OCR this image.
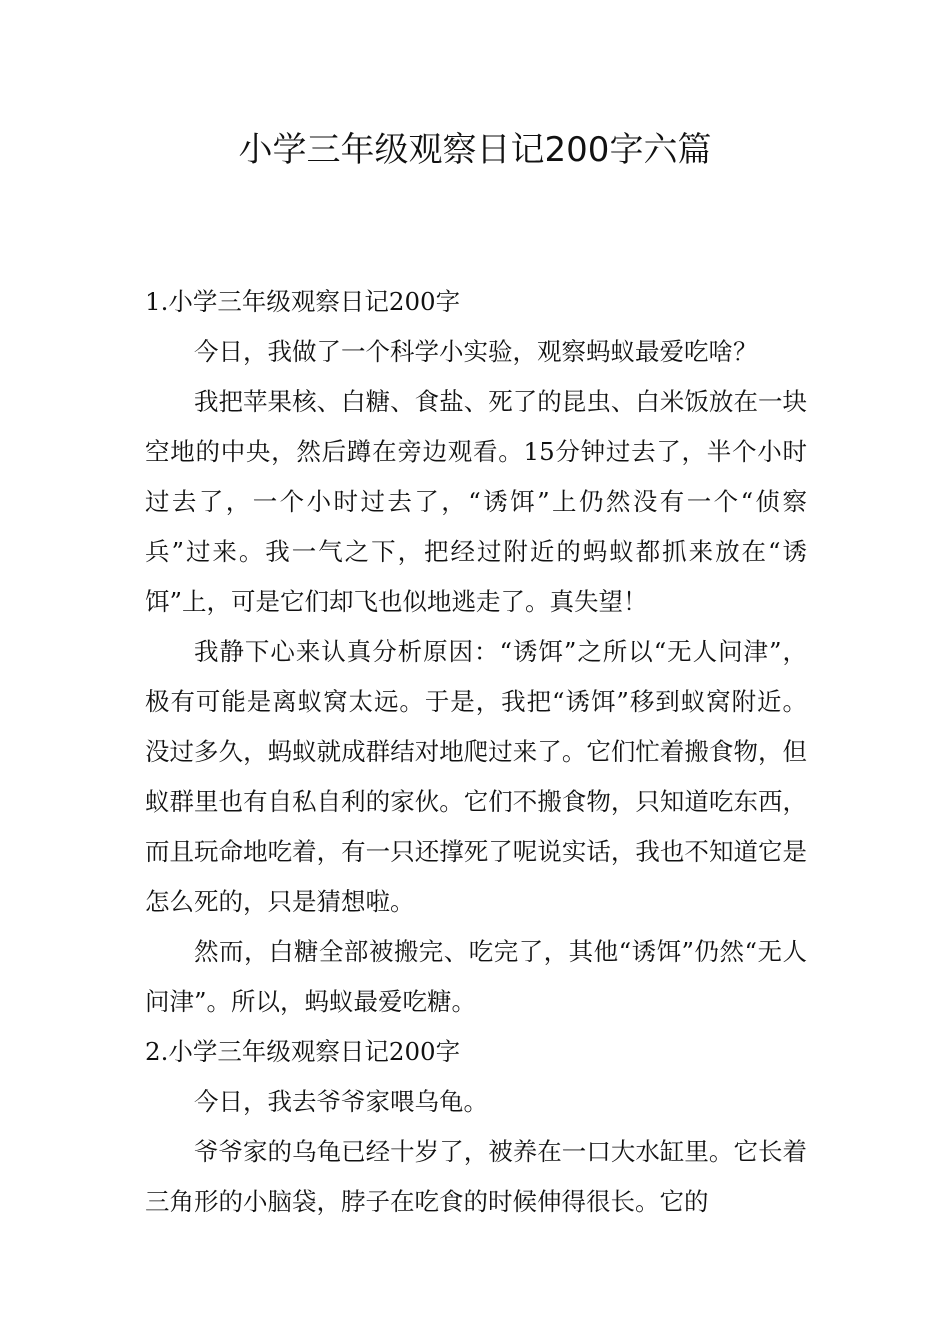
小学三年级观察日记200字六篇
1.小学三年级观察日记200字

今日，我做了一个科学小实验，观察蚂蚁最爱吃啥？

我把苹果核、白糖、食盐、死了的昆虫、白米饭放在一块空地的中央，然后蹲在旁边观看。15分钟过去了，半个小时过去了，一个小时过去了，“诱饵”上仍然没有一个“侦察兵”过来。我一气之下，把经过附近的蚂蚁都抓来放在“诱饵”上，可是它们却飞也似地逃走了。真失望！

我静下心来认真分析原因：“诱饵”之所以“无人问津”，极有可能是离蚁窝太远。于是，我把“诱饵”移到蚁窝附近。没过多久，蚂蚁就成群结对地爬过来了。它们忙着搬食物，但蚁群里也有自私自利的家伙。它们不搬食物，只知道吃东西，而且玩命地吃着，有一只还撑死了呢说实话，我也不知道它是怎么死的，只是猜想啦。

然而，白糖全部被搬完、吃完了，其他“诱饵”仍然“无人问津”。所以，蚂蚁最爱吃糖。

2.小学三年级观察日记200字

今日，我去爷爷家喂乌龟。

爷爷家的乌龟已经十岁了，被养在一口大水缸里。它长着三角形的小脑袋，脖子在吃食的时候伸得很长。它的
